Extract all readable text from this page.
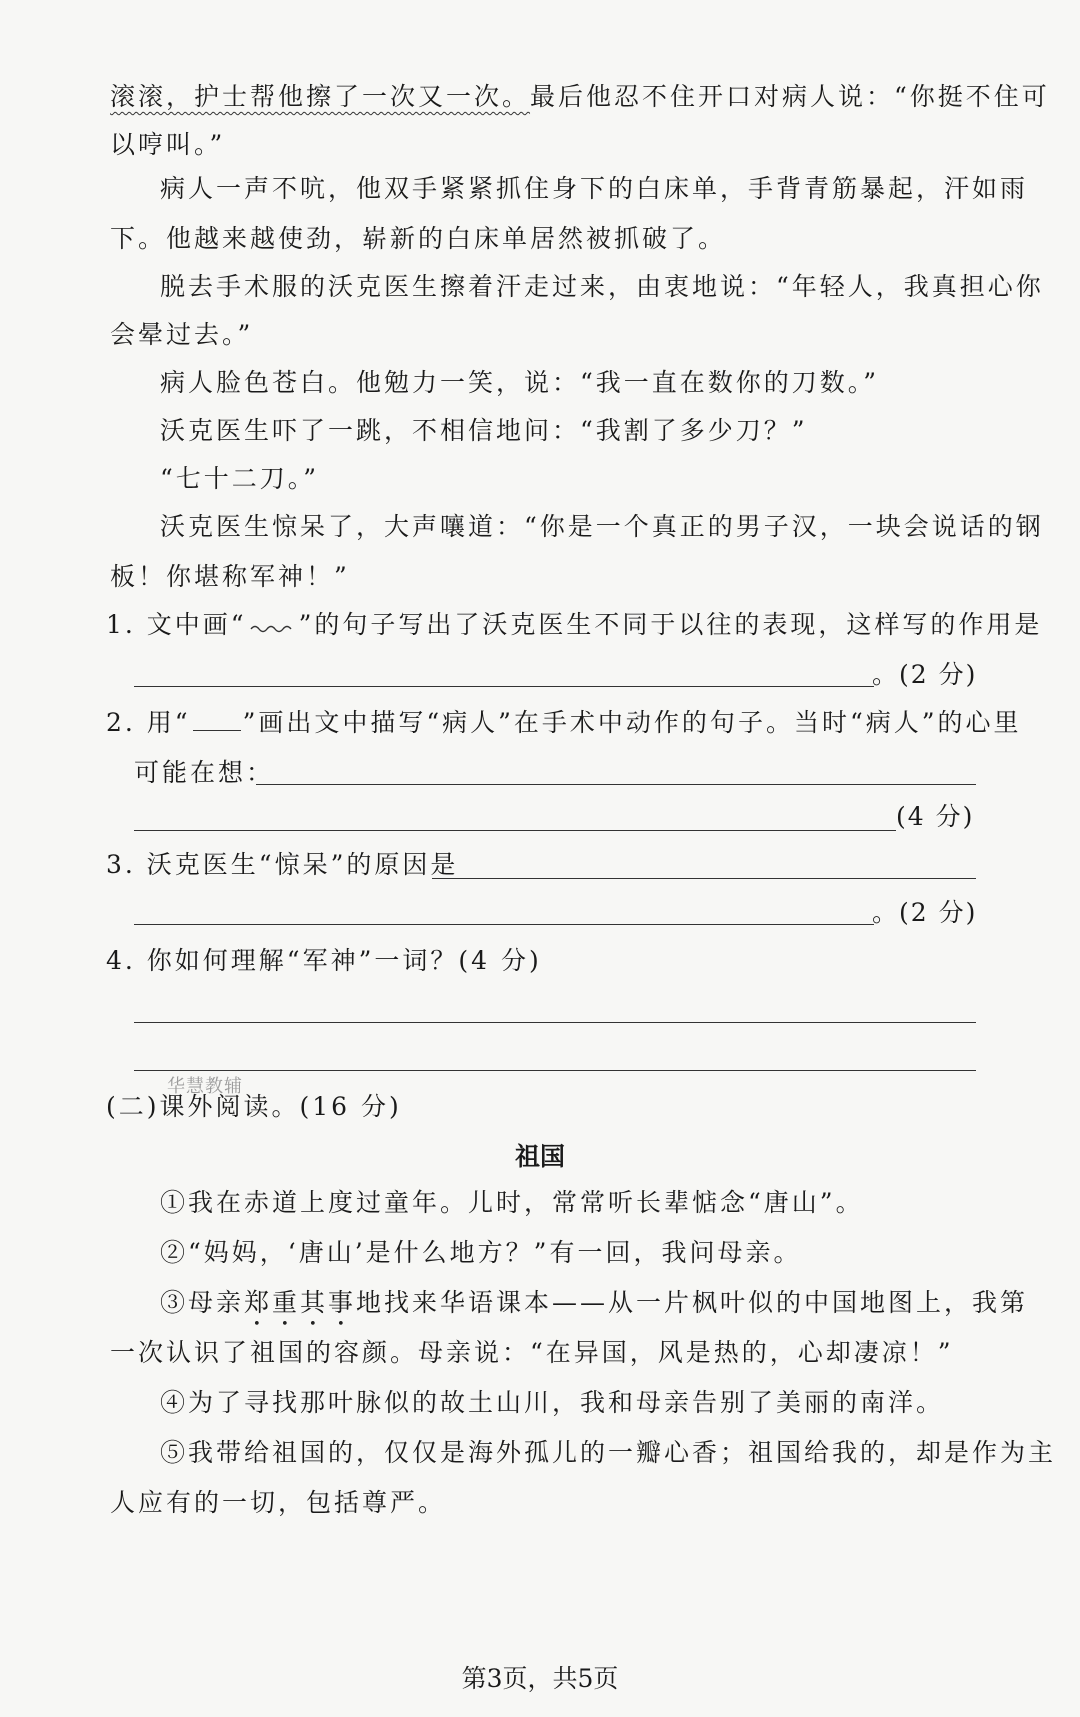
滚滚，护士帮他擦了一次又一次。最后他忍不住开口对病人说：“你挺不住可
以哼叫。”
病人一声不吭，他双手紧紧抓住身下的白床单，手背青筋暴起，汗如雨
下。他越来越使劲，崭新的白床单居然被抓破了。
脱去手术服的沃克医生擦着汗走过来，由衷地说：“年轻人，我真担心你
会晕过去。”
病人脸色苍白。他勉力一笑，说：“我一直在数你的刀数。”
沃克医生吓了一跳，不相信地问：“我割了多少刀？”
“七十二刀。”
沃克医生惊呆了，大声嚷道：“你是一个真正的男子汉，一块会说话的钢
板！你堪称军神！”
1. 文中画“ ”的句子写出了沃克医生不同于以往的表现，这样写的作用是
。(2 分)
2. 用“ ”画出文中描写“病人”在手术中动作的句子。当时“病人”的心里
可能在想：
(4 分)
3. 沃克医生“惊呆”的原因是
。(2 分)
4. 你如何理解“军神”一词？(4 分)
华慧教辅
(二)课外阅读。(16 分)
祖国
①我在赤道上度过童年。儿时，常常听长辈惦念“唐山”。
②“妈妈，‘唐山’是什么地方？”有一回，我问母亲。
③母亲郑重其事地找来华语课本——从一片枫叶似的中国地图上，我第
一次认识了祖国的容颜。母亲说：“在异国，风是热的，心却凄凉！”
④为了寻找那叶脉似的故土山川，我和母亲告别了美丽的南洋。
⑤我带给祖国的，仅仅是海外孤儿的一瓣心香；祖国给我的，却是作为主
人应有的一切，包括尊严。
第3页，共5页
